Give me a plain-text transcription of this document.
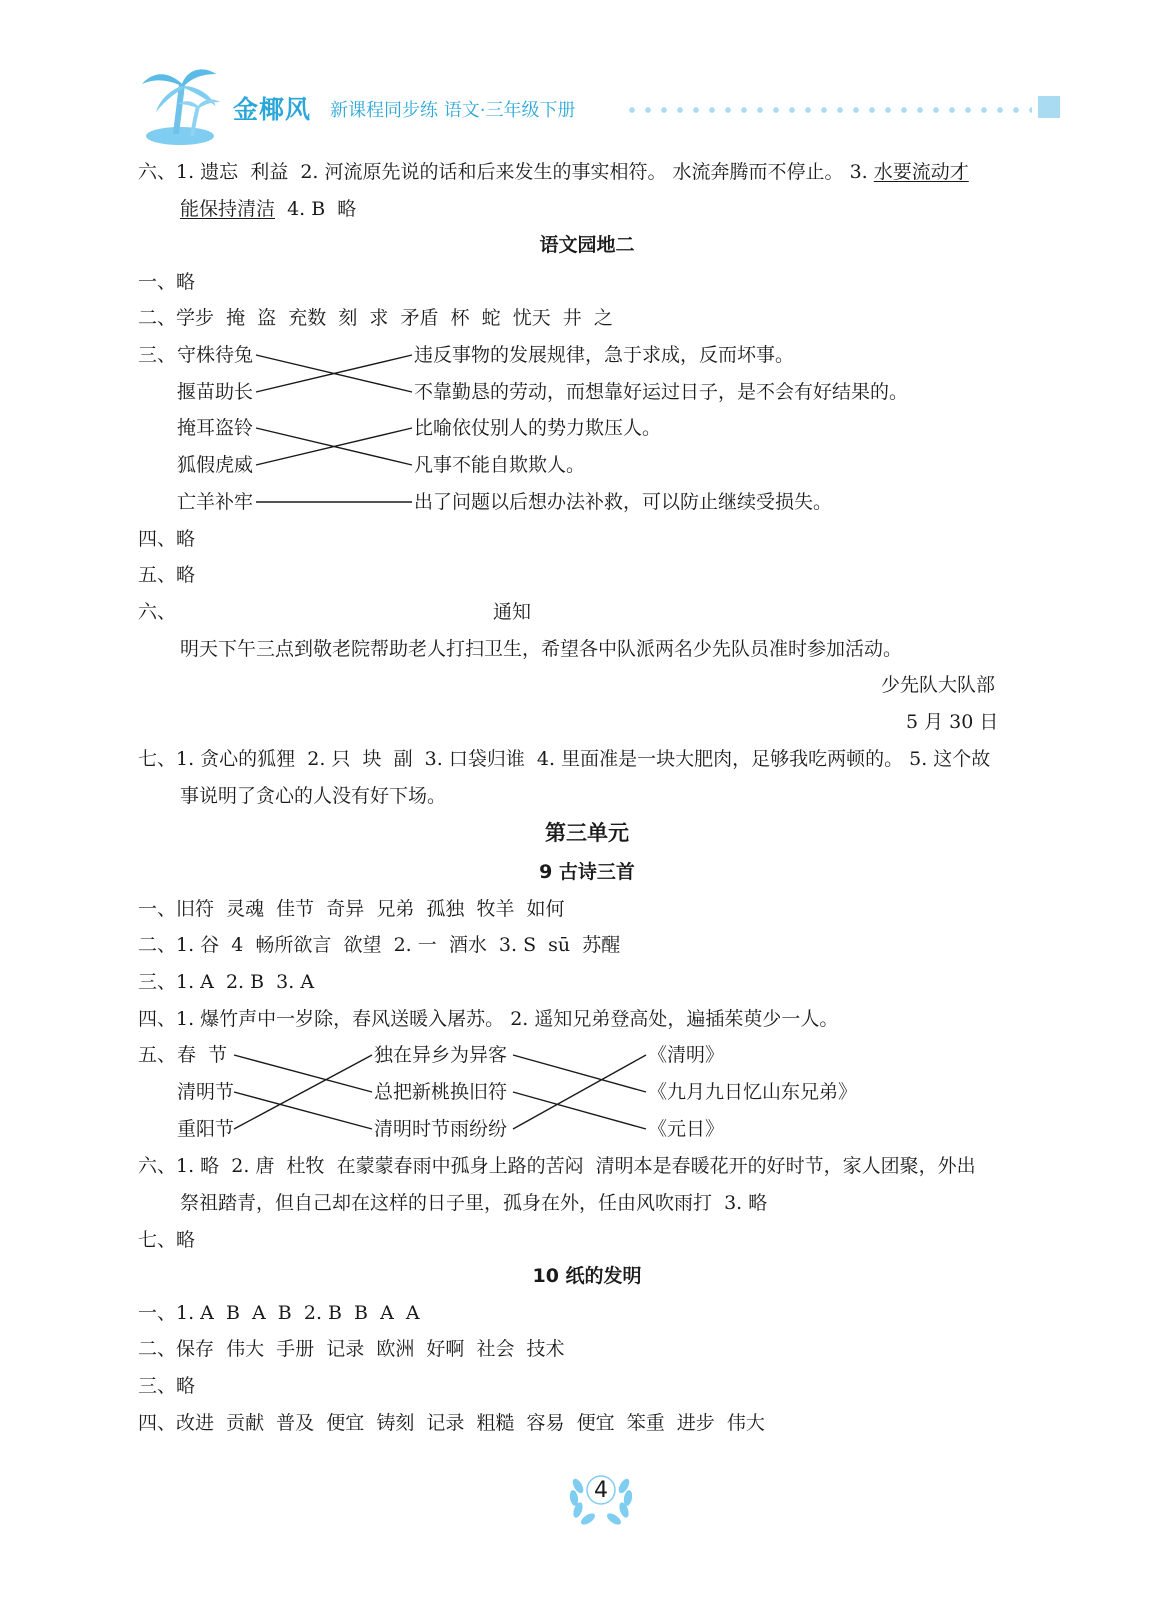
金椰风 新课程同步练 语文·三年级下册
六、1. 遗忘  利益  2. 河流原先说的话和后来发生的事实相符。 水流奔腾而不停止。 3. 水要流动才
能保持清洁  4. B  略
语文园地二
一、略
二、学步  掩  盗  充数  刻  求  矛盾  杯  蛇  忧天  井  之
三、 守株待兔
揠苗助长
掩耳盗铃
狐假虎威
亡羊补牢
违反事物的发展规律，急于求成，反而坏事。
不靠勤恳的劳动，而想靠好运过日子，是不会有好结果的。
比喻依仗别人的势力欺压人。
凡事不能自欺欺人。
出了问题以后想办法补救，可以防止继续受损失。
四、略
五、略
六、	通知
明天下午三点到敬老院帮助老人打扫卫生，希望各中队派两名少先队员准时参加活动。
少先队大队部
5 月 30 日
七、1. 贪心的狐狸  2. 只  块  副  3. 口袋归谁  4. 里面准是一块大肥肉，足够我吃两顿的。 5. 这个故
事说明了贪心的人没有好下场。
第三单元
9 古诗三首
一、旧符  灵魂  佳节  奇异  兄弟  孤独  牧羊  如何
二、1. 谷  4  畅所欲言  欲望  2. 一  酒水  3. S  sū  苏醒
三、1. A  2. B  3. A
四、1. 爆竹声中一岁除，春风送暖入屠苏。 2. 遥知兄弟登高处，遍插茱萸少一人。
五、 春  节
清明节
重阳节
独在异乡为异客
总把新桃换旧符
清明时节雨纷纷
《清明》
《九月九日忆山东兄弟》
《元日》
六、1. 略  2. 唐  杜牧  在蒙蒙春雨中孤身上路的苦闷  清明本是春暖花开的好时节，家人团聚，外出
祭祖踏青，但自己却在这样的日子里，孤身在外，任由风吹雨打  3. 略
七、略
10 纸的发明
一、1. A  B  A  B  2. B  B  A  A
二、保存  伟大  手册  记录  欧洲  好啊  社会  技术
三、略
四、改进  贡献  普及  便宜  铸刻  记录  粗糙  容易  便宜  笨重  进步  伟大
4
